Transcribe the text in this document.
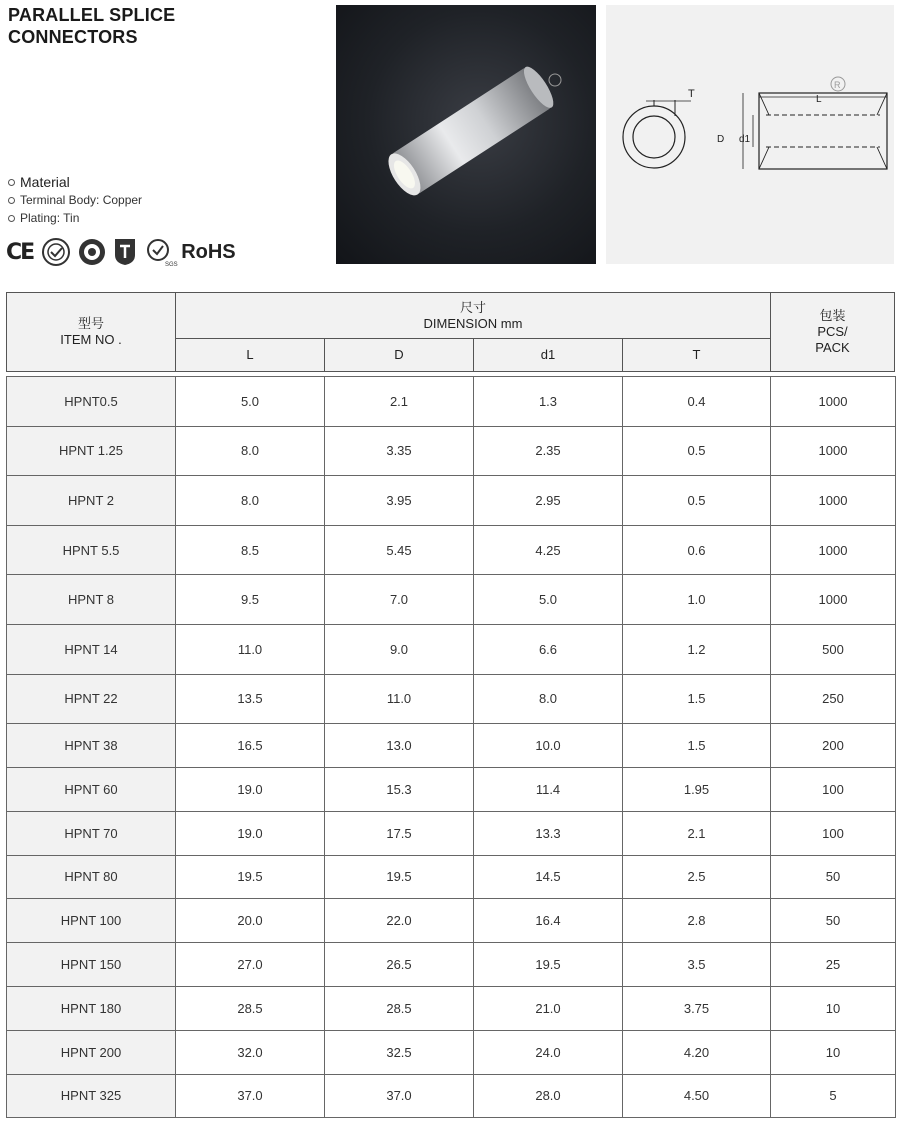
PARALLEL SPLICE
CONNECTORS
Material
Terminal Body: Copper
Plating: Tin
CE
SGS
RoHS
T	L
D d1
R
型号
ITEM NO .
尺寸
DIMENSION mm
L	D	d1	T
包装
PCS/
PACK
HPNT0.5	5.0	2.1	1.3	0.4	1000
HPNT 1.25	8.0	3.35	2.35	0.5	1000
HPNT 2	8.0	3.95	2.95	0.5	1000
HPNT 5.5	8.5	5.45	4.25	0.6	1000
HPNT 8	9.5	7.0	5.0	1.0	1000
HPNT 14	11.0	9.0	6.6	1.2	500
HPNT 22	13.5	11.0	8.0	1.5	250
HPNT 38	16.5	13.0	10.0	1.5	200
HPNT 60	19.0	15.3	11.4	1.95	100
HPNT 70	19.0	17.5	13.3	2.1	100
HPNT 80	19.5	19.5	14.5	2.5	50
HPNT 100	20.0	22.0	16.4	2.8	50
HPNT 150	27.0	26.5	19.5	3.5	25
HPNT 180	28.5	28.5	21.0	3.75	10
HPNT 200	32.0	32.5	24.0	4.20	10
HPNT 325	37.0	37.0	28.0	4.50	5
